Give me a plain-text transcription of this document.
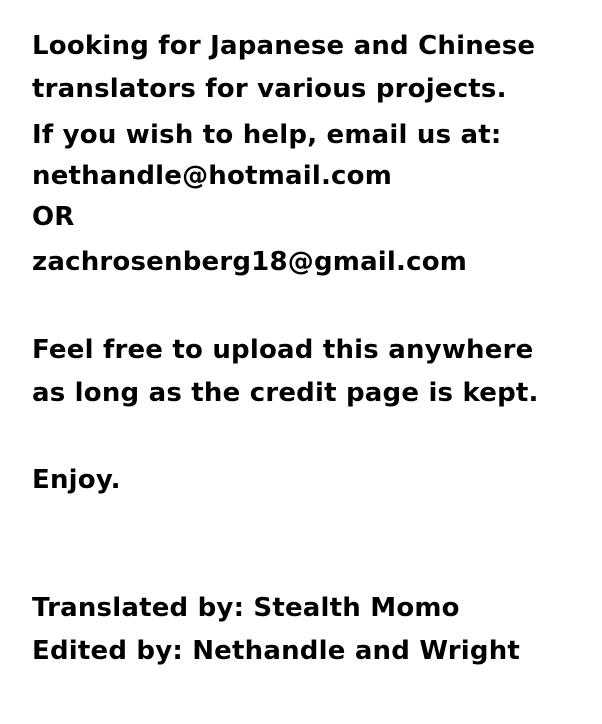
Looking for Japanese and Chinese
translators for various projects.
If you wish to help, email us at:
nethandle@hotmail.com
OR
zachrosenberg18@gmail.com
Feel free to upload this anywhere
as long as the credit page is kept.
Enjoy.
Translated by: Stealth Momo
Edited by: Nethandle and Wright
